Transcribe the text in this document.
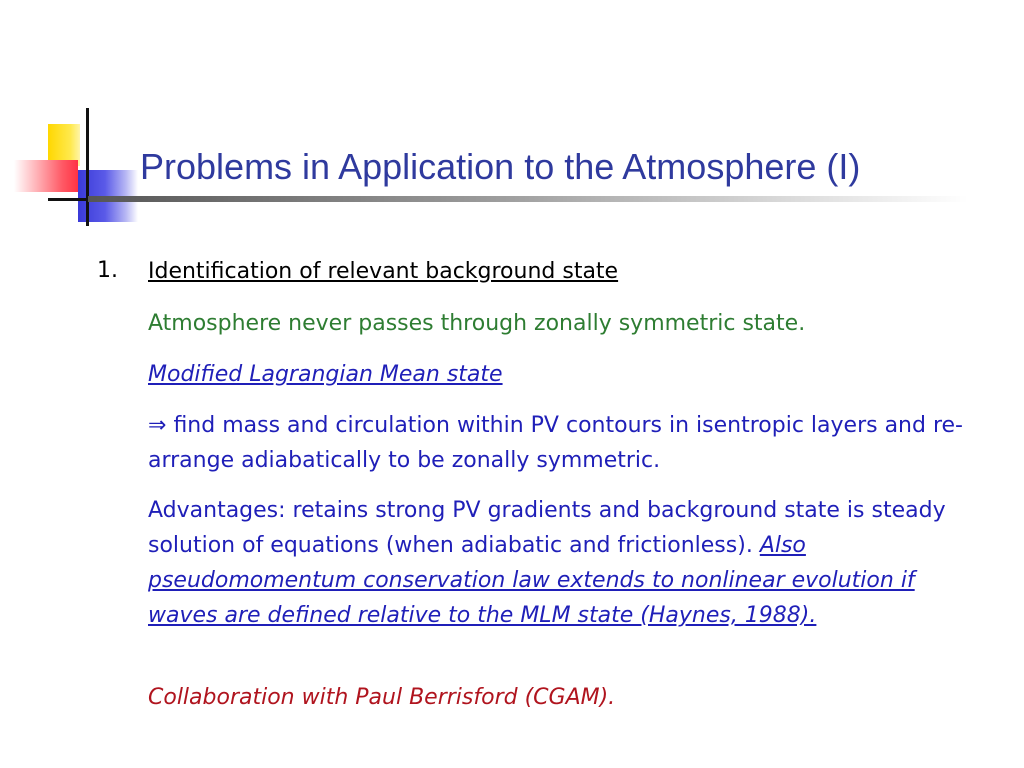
Problems in Application to the Atmosphere (I)
1. Identification of relevant background state
Atmosphere never passes through zonally symmetric state.
Modified Lagrangian Mean state
⇒ find mass and circulation within PV contours in isentropic layers and re-arrange adiabatically to be zonally symmetric.
Advantages: retains strong PV gradients and background state is steady solution of equations (when adiabatic and frictionless). Also pseudomomentum conservation law extends to nonlinear evolution if waves are defined relative to the MLM state (Haynes, 1988).
Collaboration with Paul Berrisford (CGAM).
